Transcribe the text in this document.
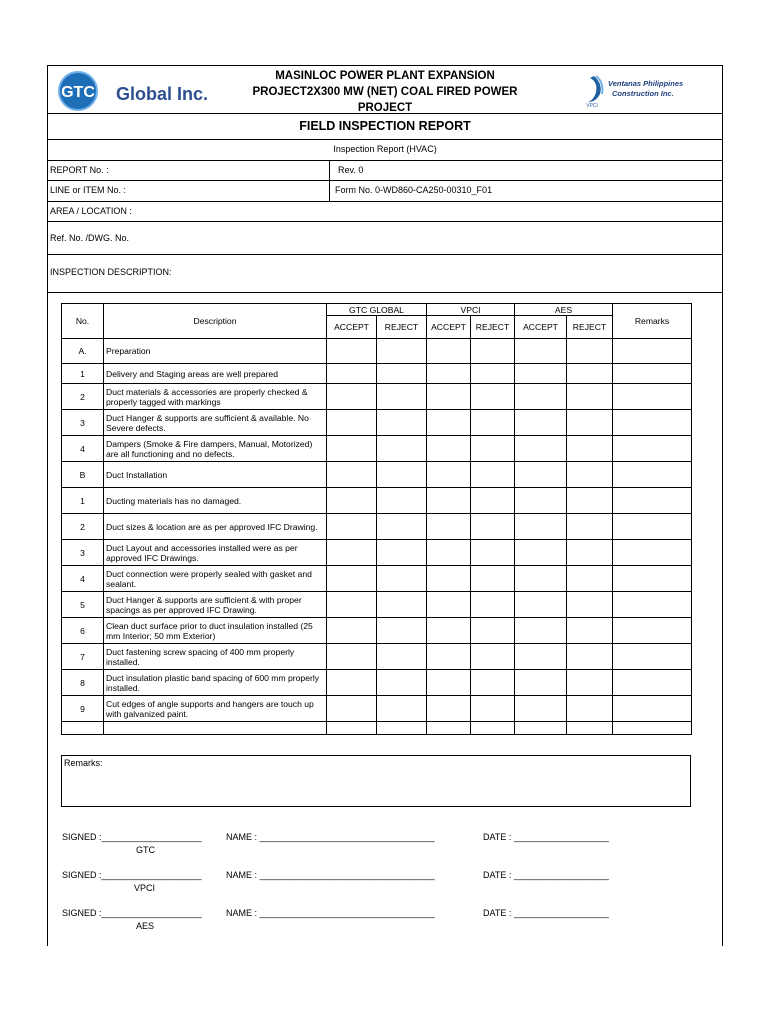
GTC Global Inc.
MASINLOC POWER PLANT EXPANSION
PROJECT2X300 MW (NET) COAL FIRED POWER
PROJECT	VPCI
Ventanas Philippines
Construction Inc.
FIELD INSPECTION REPORT
Inspection Report (HVAC)
REPORT No. :	Rev. 0
LINE or ITEM No. :	Form No. 0-WD860-CA250-00310_F01
AREA / LOCATION :
Ref. No. /DWG. No.
INSPECTION DESCRIPTION:
No.	Description	GTC GLOBAL		VPCI		AES		Remarks
		ACCEPT	REJECT	ACCEPT	REJECT	ACCEPT	REJECT	
A.	Preparation							
1	Delivery and Staging areas are well prepared							
2	Duct materials & accessories are properly checked & properly tagged with markings							
3	Duct Hanger & supports are sufficient & available. No Severe defects.							
4	Dampers (Smoke & Fire dampers, Manual, Motorized) are all functioning and no defects.							
B	Duct Installation							
1	Ducting materials has no damaged.							
2	Duct sizes & location are as per approved IFC Drawing.							
3	Duct Layout and accessories installed were as per approved IFC Drawings.							
4	Duct connection were properly sealed with gasket and sealant.							
5	Duct Hanger & supports are sufficient & with proper spacings as per approved IFC Drawing.							
6	Clean duct surface prior to duct insulation installed (25 mm Interior; 50 mm Exterior)							
7	Duct fastening screw spacing of 400 mm properly installed.							
8	Duct insulation plastic band spacing of 600 mm properly installed.							
9	Cut edges of angle supports and hangers are touch up with galvanized paint.							

Remarks:
SIGNED :____________________
GTC
NAME : ___________________________________	DATE : ___________________
SIGNED :____________________
VPCI
NAME : ___________________________________	DATE : ___________________
SIGNED :____________________
AES
NAME : ___________________________________	DATE : ___________________
